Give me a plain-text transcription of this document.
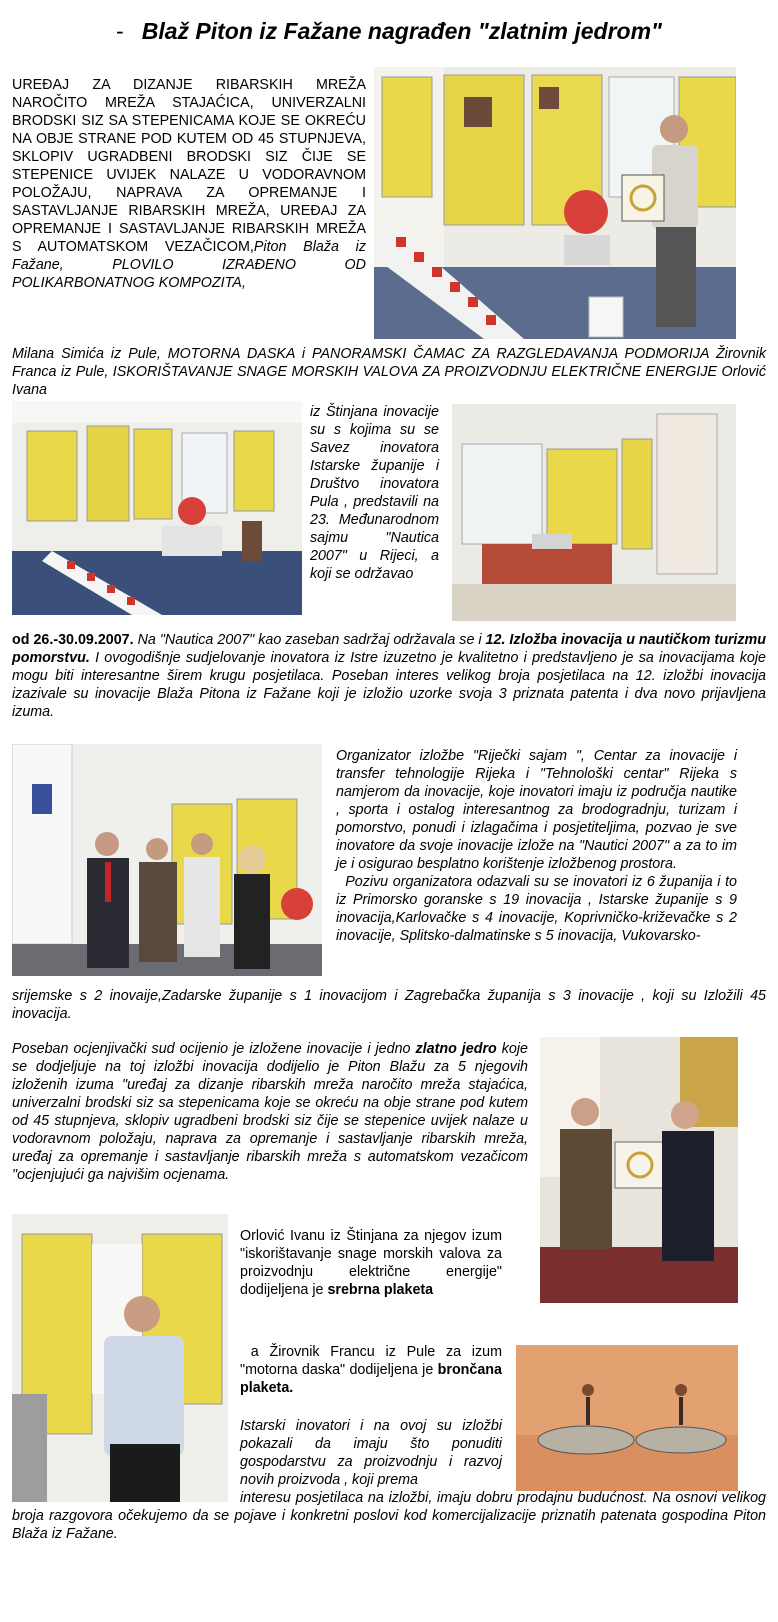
- Blaž Piton iz Fažane nagrađen "zlatnim jedrom"
UREĐAJ ZA DIZANJE RIBARSKIH MREŽA NAROČITO MREŽA STAJAĆICA, UNIVERZALNI BRODSKI SIZ SA STEPENICAMA KOJE SE OKREĆU NA OBJE STRANE POD KUTEM OD 45 STUPNJEVA, SKLOPIV UGRADBENI BRODSKI SIZ ČIJE SE STEPENICE UVIJEK NALAZE U VODORAVNOM POLOŽAJU, NAPRAVA ZA OPREMANJE I SASTAVLJANJE RIBARSKIH MREŽA, UREĐAJ ZA OPREMANJE I SASTAVLJANJE RIBARSKIH MREŽA S AUTOMATSKOM VEZAČICOM,Piton Blaža iz Fažane, PLOVILO IZRAĐENO OD POLIKARBONATNOG KOMPOZITA,
Milana Simića iz Pule, MOTORNA DASKA i PANORAMSKI ČAMAC ZA RAZGLEDAVANJA PODMORIJA Žirovnik Franca iz Pule, ISKORIŠTAVANJE SNAGE MORSKIH VALOVA ZA PROIZVODNJU ELEKTRIČNE ENERGIJE Orlović Ivana
iz Štinjana inovacije su s kojima su se Savez inovatora Istarske županije i Društvo inovatora Pula , predstavili na 23. Međunarodnom sajmu "Nautica 2007" u Rijeci, a koji se održavao
od 26.-30.09.2007. Na "Nautica 2007" kao zaseban sadržaj održavala se i 12. Izložba inovacija u nautičkom turizmu pomorstvu. I ovogodišnje sudjelovanje inovatora iz Istre izuzetno je kvalitetno i predstavljeno je sa inovacijama koje mogu biti interesantne širem krugu posjetilaca. Poseban interes velikog broja posjetilaca na 12. izložbi inovacija izazivale su inovacije Blaža Pitona iz Fažane koji je izložio uzorke svoja 3 priznata patenta i dva novo prijavljena izuma.
Organizator izložbe "Riječki sajam ", Centar za inovacije i transfer tehnologije Rijeka i "Tehnološki centar" Rijeka s namjerom da inovacije, koje inovatori imaju iz područja nautike , sporta i ostalog interesantnog za brodogradnju, turizam i pomorstvo, ponudi i izlagačima i posjetiteljima, pozvao je sve inovatore da svoje inovacije izlože na "Nautici 2007" a za to im je i osigurao besplatno korištenje izložbenog prostora.
Pozivu organizatora odazvali su se inovatori iz 6 županija i to iz Primorsko goranske s 19 inovacija , Istarske županije s 9 inovacija,Karlovačke s 4 inovacije, Koprivničko-križevačke s 2 inovacije, Splitsko-dalmatinske s 5 inovacija, Vukovarsko-
srijemske s 2 inovaije,Zadarske županije s 1 inovacijom i Zagrebačka županija s 3 inovacije , koji su Izložili 45 inovacija.
Poseban ocjenjivački sud ocijenio je izložene inovacije i jedno zlatno jedro koje se dodjeljuje na toj izložbi inovacija dodijelio je Piton Blažu za 5 njegovih izloženih izuma "uređaj za dizanje ribarskih mreža naročito mreža stajaćica, univerzalni brodski siz sa stepenicama koje se okreću na obje strane pod kutem od 45 stupnjeva, sklopiv ugradbeni brodski siz čije se stepenice uvijek nalaze u vodoravnom položaju, naprava za opremanje i sastavljanje ribarskih mreža, uređaj za opremanje i sastavljanje ribarskih mreža s automatskom vezačicom "ocjenjujući ga najvišim ocjenama.
Orlović Ivanu iz Štinjana za njegov izum "iskorištavanje snage morskih valova za proizvodnju električne energije" dodijeljena je srebrna plaketa
a Žirovnik Francu iz Pule za izum "motorna daska" dodijeljena je brončana plaketa.
Istarski inovatori i na ovoj su izložbi pokazali da imaju što ponuditi gospodarstvu za proizvodnju i razvoj novih proizvoda , koji prema
interesu posjetilaca na izložbi, imaju dobru prodajnu budućnost. Na osnovi velikog broja razgovora očekujemo da se pojave i konkretni poslovi kod komercijalizacije priznatih patenata gospodina Piton Blaža iz Fažane.
